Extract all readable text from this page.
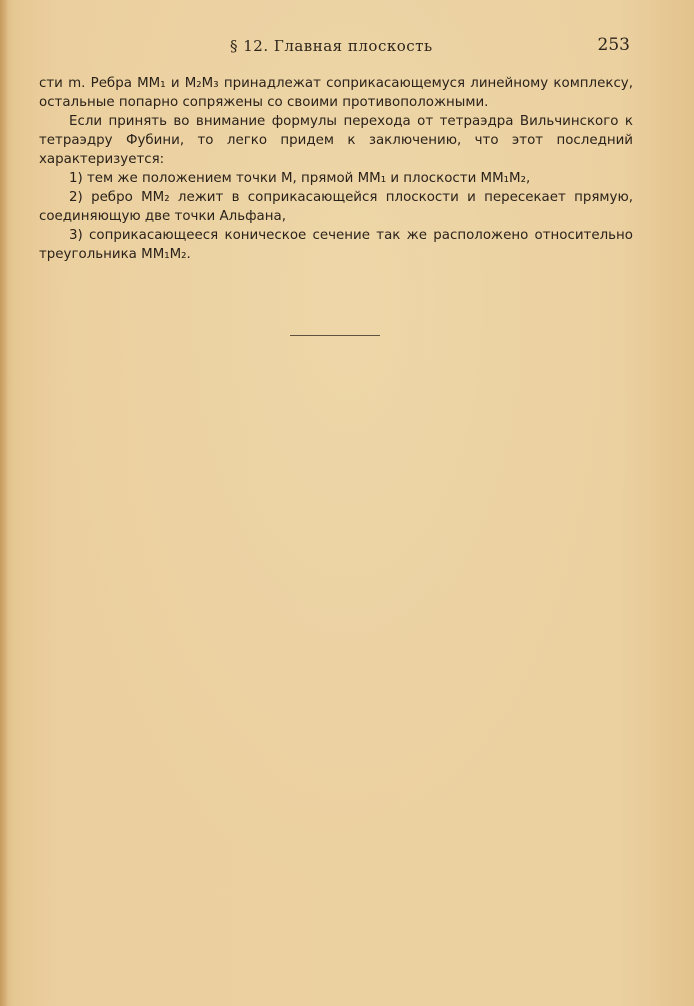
§ 12. Главная плоскость	253

сти m. Ребра MM₁ и M₂M₃ принадлежат соприкасающемуся линейному комплексу, остальные попарно сопряжены со своими противоположными.

Если принять во внимание формулы перехода от тетраэдра Вильчинского к тетраэдру Фубини, то легко придем к заключению, что этот последний характеризуется:

1) тем же положением точки M, прямой MM₁ и плоскости MM₁M₂,

2) ребро MM₂ лежит в соприкасающейся плоскости и пересекает прямую, соединяющую две точки Альфана,

3) соприкасающееся коническое сечение так же расположено относительно треугольника MM₁M₂.
